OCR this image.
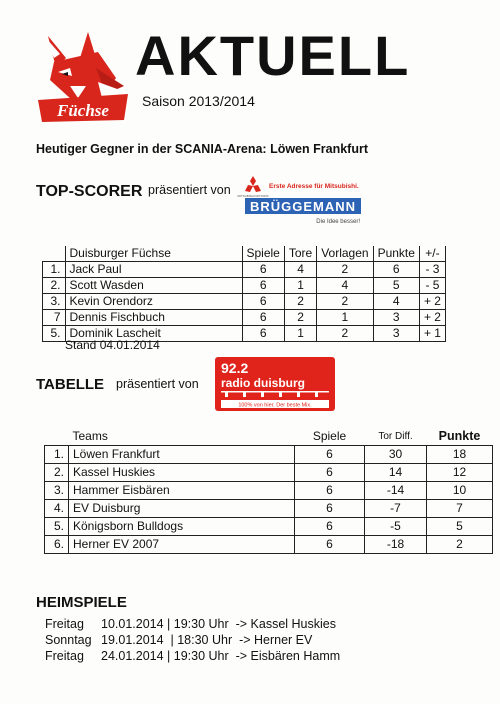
Füchse
AKTUELL
Saison 2013/2014
Heutiger Gegner in der SCANIA-Arena: Löwen Frankfurt
TOP-SCORER präsentiert von MITSUBISHI MOTORS
Erste Adresse für Mitsubishi.
BRÜGGEMANN
Die Idee besser!
	Duisburger Füchse	Spiele	Tore	Vorlagen	Punkte	+/-
1.	Jack Paul	6	4	2	6	- 3
2.	Scott Wasden	6	1	4	5	- 5
3.	Kevin Orendorz	6	2	2	4	+ 2
7	Dennis Fischbuch	6	2	1	3	+ 2
5.	Dominik Lascheit	6	1	2	3	+ 1
Stand 04.01.2014
TABELLE präsentiert von
92.2
radio duisburg
100% von hier. Der beste Mix.
	Teams	Spiele	Tor Diff.	Punkte
1.	Löwen Frankfurt	6	30	18
2.	Kassel Huskies	6	14	12
3.	Hammer Eisbären	6	-14	10
4.	EV Duisburg	6	-7	7
5.	Königsborn Bulldogs	6	-5	5
6.	Herner EV 2007	6	-18	2
HEIMSPIELE
Freitag	10.01.2014 | 19:30 Uhr  -> Kassel Huskies
Sonntag 19.01.2014  | 18:30 Uhr  -> Herner EV
Freitag	24.01.2014 | 19:30 Uhr  -> Eisbären Hamm
